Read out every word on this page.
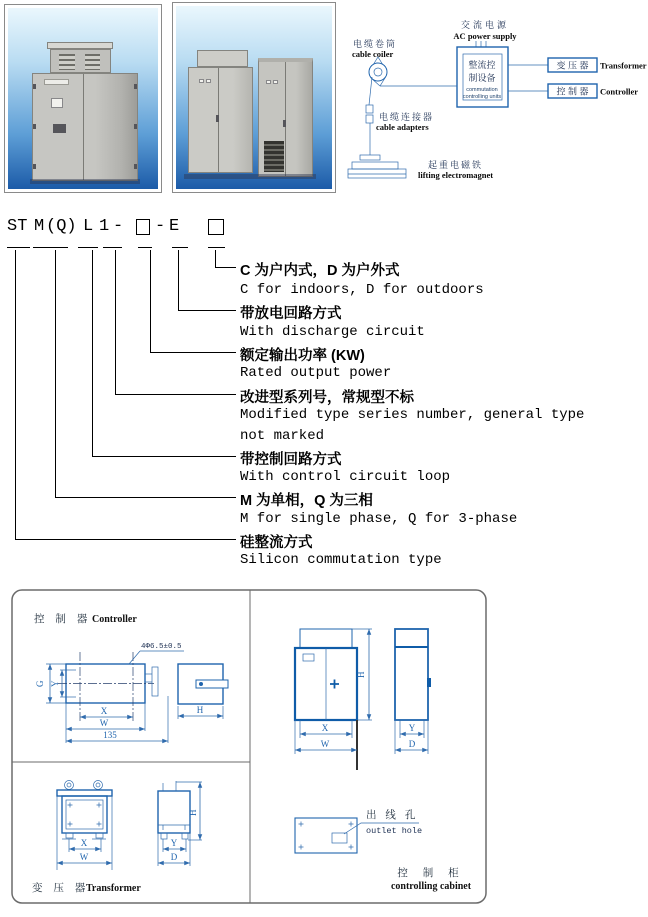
交流电源
AC power supply
整流控
制设备
commutation
controlling units
变 压 器 Transformer
控 制 器 Controller
电缆卷筒
cable coiler
电缆连接器
cable adapters
起重电磁铁
lifting electromagnet
ST M (Q) L 1 - - E
C 为户内式，D 为户外式
C for indoors, D for outdoors
带放电回路方式
With discharge circuit
额定输出功率 (KW)
Rated output power
改进型系列号，常规型不标
Modified type series number, general type
not marked
带控制回路方式
With control circuit loop
M 为单相，Q 为三相
M for single phase, Q for 3-phase
硅整流方式
Silicon commutation type
控 制 器 Controller
4Φ6.5±0.5
G Y
X
W
135
H
X
W
H
Y
D
变 压 器
Transformer
H
X
W
Y
D
出 线 孔
outlet hole
控 制 柜
controlling cabinet
